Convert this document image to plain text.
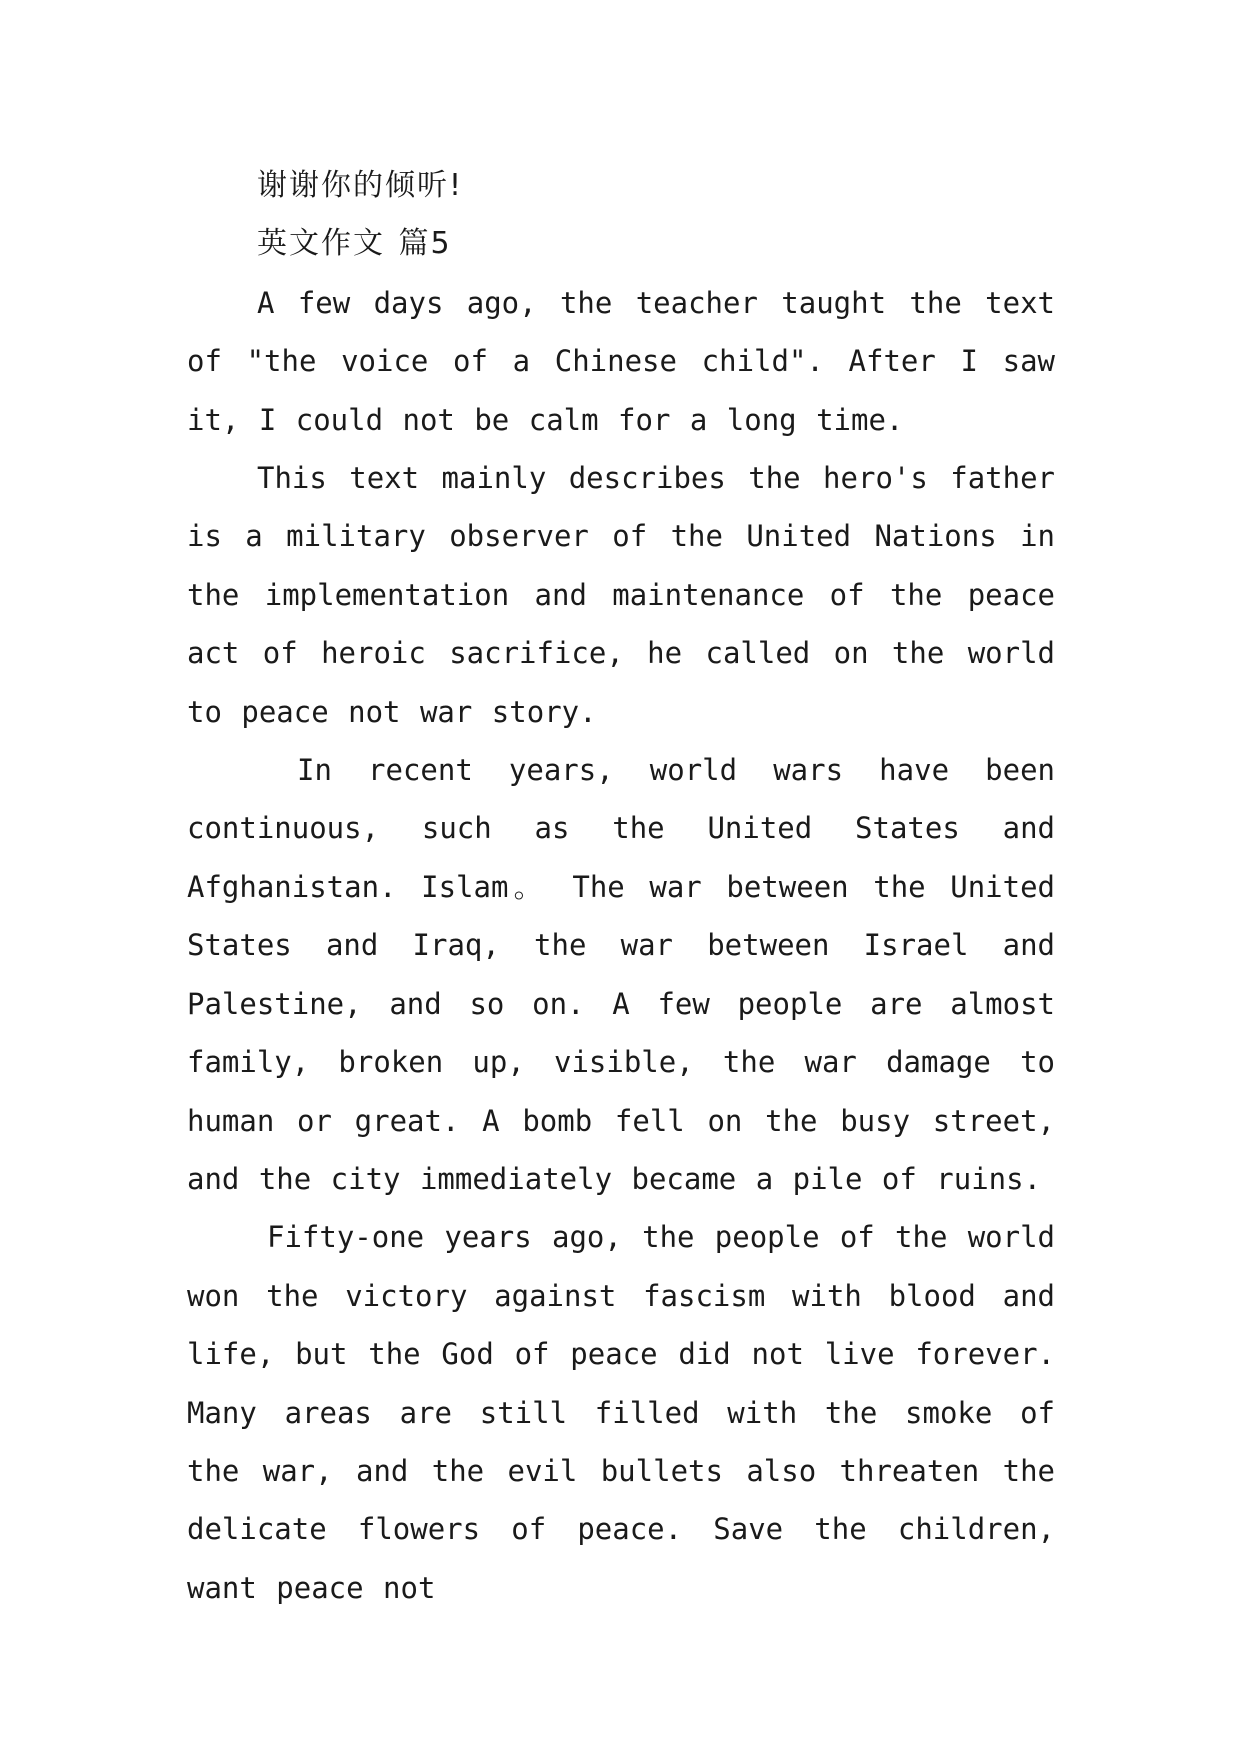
谢谢你的倾听!

英文作文 篇5

A few days ago, the teacher taught the text of "the voice of a Chinese child". After I saw it, I could not be calm for a long time.

This text mainly describes the hero's father is a military observer of the United Nations in the implementation and maintenance of the peace act of heroic sacrifice, he called on the world to peace not war story.

In recent years, world wars have been continuous, such as the United States and Afghanistan. Islam。 The war between the United States and Iraq, the war between Israel and Palestine, and so on. A few people are almost family, broken up, visible, the war damage to human or great. A bomb fell on the busy street, and the city immediately became a pile of ruins.

Fifty-one years ago, the people of the world won the victory against fascism with blood and life, but the God of peace did not live forever. Many areas are still filled with the smoke of the war, and the evil bullets also threaten the delicate flowers of peace. Save the children, want peace not
